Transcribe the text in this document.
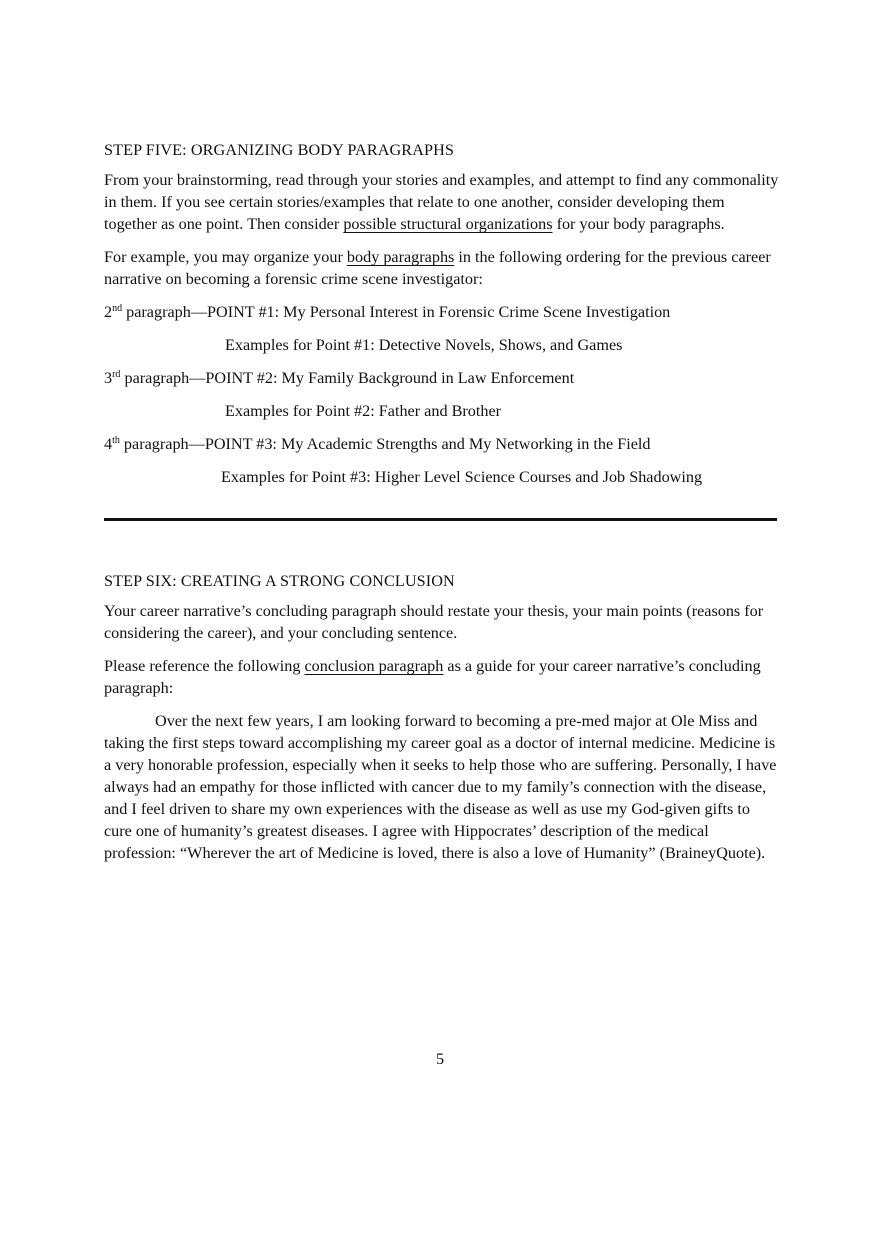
STEP FIVE: ORGANIZING BODY PARAGRAPHS

From your brainstorming, read through your stories and examples, and attempt to find any commonality in them. If you see certain stories/examples that relate to one another, consider developing them together as one point. Then consider possible structural organizations for your body paragraphs.

For example, you may organize your body paragraphs in the following ordering for the previous career narrative on becoming a forensic crime scene investigator:

2nd paragraph—POINT #1: My Personal Interest in Forensic Crime Scene Investigation
Examples for Point #1: Detective Novels, Shows, and Games
3rd paragraph—POINT #2: My Family Background in Law Enforcement
Examples for Point #2: Father and Brother
4th paragraph—POINT #3: My Academic Strengths and My Networking in the Field
Examples for Point #3: Higher Level Science Courses and Job Shadowing
STEP SIX: CREATING A STRONG CONCLUSION

Your career narrative’s concluding paragraph should restate your thesis, your main points (reasons for considering the career), and your concluding sentence.

Please reference the following conclusion paragraph as a guide for your career narrative’s concluding paragraph:

Over the next few years, I am looking forward to becoming a pre-med major at Ole Miss and taking the first steps toward accomplishing my career goal as a doctor of internal medicine. Medicine is a very honorable profession, especially when it seeks to help those who are suffering. Personally, I have always had an empathy for those inflicted with cancer due to my family’s connection with the disease, and I feel driven to share my own experiences with the disease as well as use my God-given gifts to cure one of humanity’s greatest diseases. I agree with Hippocrates’ description of the medical profession: “Wherever the art of Medicine is loved, there is also a love of Humanity” (BraineyQuote).

5
